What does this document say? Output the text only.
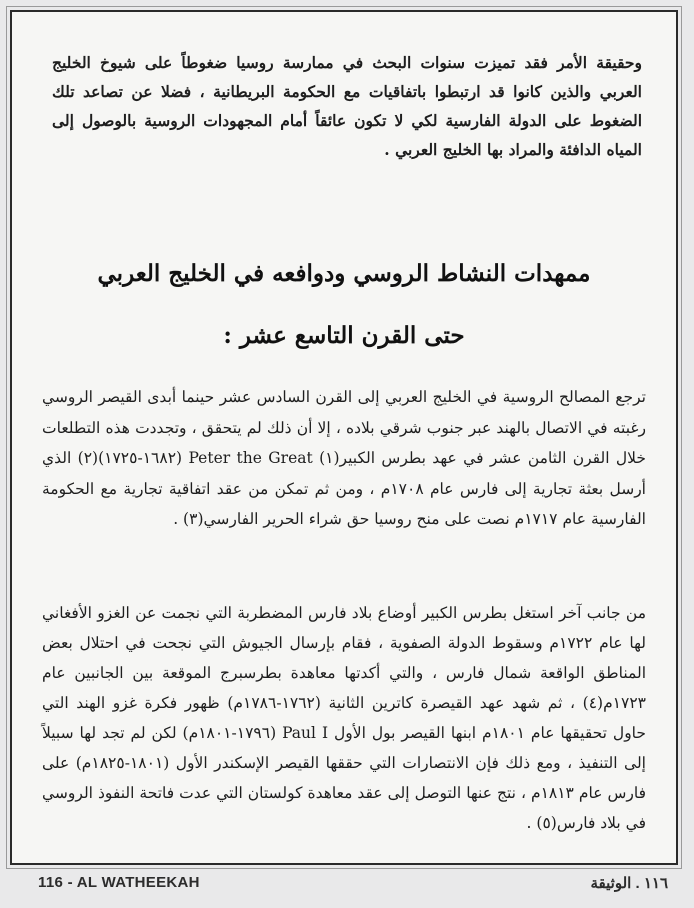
وحقيقة الأمر فقد تميزت سنوات البحث في ممارسة روسيا ضغوطاً على شيوخ الخليج العربي والذين كانوا قد ارتبطوا باتفاقيات مع الحكومة البريطانية ، فضلا عن تصاعد تلك الضغوط على الدولة الفارسية لكي لا تكون عائقاً أمام المجهودات الروسية بالوصول إلى المياه الدافئة والمراد بها الخليج العربي .

ممهدات النشاط الروسي ودوافعه في الخليج العربي
حتى القرن التاسع عشر :

ترجع المصالح الروسية في الخليج العربي إلى القرن السادس عشر حينما أبدى القيصر الروسي رغبته في الاتصال بالهند عبر جنوب شرقي بلاده ، إلا أن ذلك لم يتحقق ، وتجددت هذه التطلعات خلال القرن الثامن عشر في عهد بطرس الكبير(١) Peter the Great (١٦٨٢-١٧٢٥)(٢) الذي أرسل بعثة تجارية إلى فارس عام ١٧٠٨م ، ومن ثم تمكن من عقد اتفاقية تجارية مع الحكومة الفارسية عام ١٧١٧م نصت على منح روسيا حق شراء الحرير الفارسي(٣) .

من جانب آخر استغل بطرس الكبير أوضاع بلاد فارس المضطربة التي نجمت عن الغزو الأفغاني لها عام ١٧٢٢م وسقوط الدولة الصفوية ، فقام بإرسال الجيوش التي نجحت في احتلال بعض المناطق الواقعة شمال فارس ، والتي أكدتها معاهدة بطرسبرج الموقعة بين الجانبين عام ١٧٢٣م(٤) ، ثم شهد عهد القيصرة كاترين الثانية (١٧٦٢-١٧٨٦م) ظهور فكرة غزو الهند التي حاول تحقيقها عام ١٨٠١م ابنها القيصر بول الأول Paul I (١٧٩٦-١٨٠١م) لكن لم تجد لها سبيلاً إلى التنفيذ ، ومع ذلك فإن الانتصارات التي حققها القيصر الإسكندر الأول (١٨٠١-١٨٢٥م) على فارس عام ١٨١٣م ، نتج عنها التوصل إلى عقد معاهدة كولستان التي عدت فاتحة النفوذ الروسي في بلاد فارس(٥) .

116 - AL WATHEEKAH	١١٦ . الوثيقة
